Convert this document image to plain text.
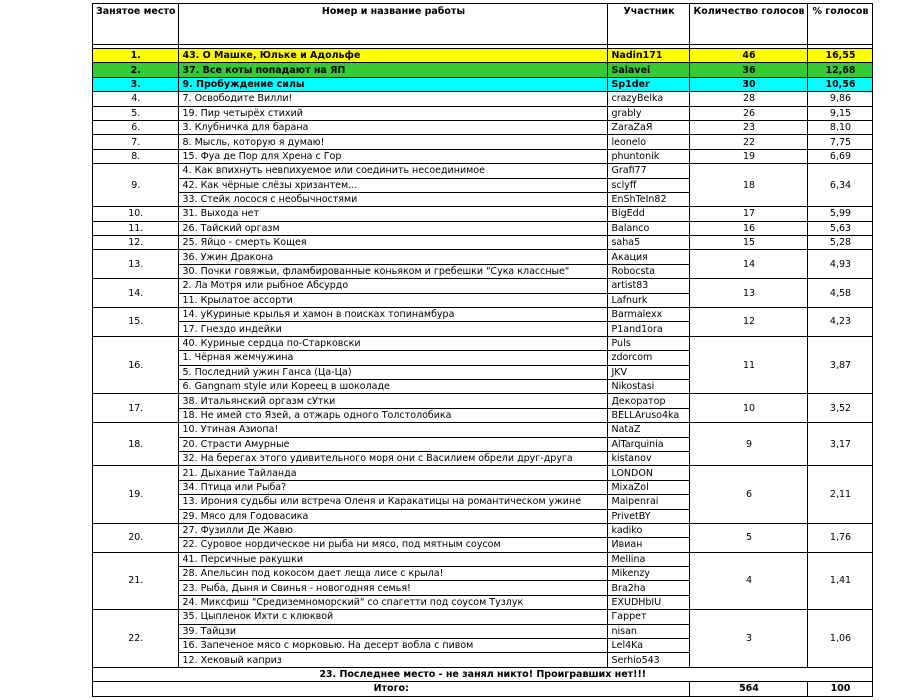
Занятое место	Номер и название работы	Участник	Количество голосов	% голосов

1.	43. О Машке, Юльке и Адольфе	Nadin171	46	16,55
2.	37. Все коты попадают на ЯП	Salavei	36	12,68
3.	9. Пробуждение силы	Sp1der	30	10,56
4.	7. Освободите Вилли!	crazyBelka	28	9,86
5.	19. Пир четырёх стихий	grably	26	9,15
6.	3. Клубничка для барана	ZaraZaЯ	23	8,10
7.	8. Мысль, которую я думаю!	leonelo	22	7,75
8.	15. Фуа де Пор для Хрена с Гор	phuntonik	19	6,69
9.	4. Как впихнуть невпихуемое или соединить несоединимое	Grafi77	18	6,34
	42. Как чёрные слёзы хризантем...	sclyff		
	33. Стейк лосося с необычностями	EnShTeIn82		
10.	31. Выхода нет	BigEdd	17	5,99
11.	26. Тайский оргазм	Balanco	16	5,63
12.	25. Яйцо - смерть Кощея	saha5	15	5,28
13.	36. Ужин Дракона	Акация	14	4,93
	30. Почки говяжьи, фламбированные коньяком и гребешки "Сука классные"	Robocsta		
14.	2. Ла Мотря или рыбное Абсурдо	artist83	13	4,58
	11. Крылатое ассорти	Lafnurk		
15.	14. уКуриные крылья и хамон в поисках топинамбура	Barmalexx	12	4,23
	17. Гнездо индейки	P1and1ora		
16.	40. Куриные сердца по-Старковски	Puls	11	3,87
	1. Чёрная жемчужина	zdorcom		
	5. Последний ужин Ганса (Ца-Ца)	JKV		
	6. Gangnam style или Кореец в шоколаде	Nikostasi		
17.	38. Итальянский оргазм сУтки	Декоратор	10	3,52
	18. Не имей сто Язей, а отжарь одного Толстолобика	BELLAruso4ka		
18.	10. Утиная Азиопа!	NataZ	9	3,17
	20. Страсти Амурные	AlTarquinia		
	32. На берегах этого удивительного моря они с Василием обрели друг-друга	kistanov		
19.	21. Дыхание Тайланда	LONDON	6	2,11
	34. Птица или Рыба?	MixaZol		
	13. Ирония судьбы или встреча Оленя и Каракатицы на романтическом ужине	Maipenrai		
	29. Мясо для Годовасика	PrivetBY		
20.	27. Фузилли Де Жавю	kadiko	5	1,76
	22. Суровое нордическое ни рыба ни мясо, под мятным соусом	Ивиан		
21.	41. Персичные ракушки	Mellina	4	1,41
	28. Апельсин под кокосом дает леща лисе с крыла!	Mikenzy		
	23. Рыба, Дыня и Свинья - новогодняя семья!	Bra2ha		
	24. Миксфиш "Средиземноморский" со спагетти под соусом Тузлук	EXUDHbIU		
22.	35. Цыпленок Ихти с клюквой	Гаррет	3	1,06
	39. Тайцзи	nisan		
	16. Запеченое мясо с морковью. На десерт вобла с пивом	Lel4Ka		
	12. Хековый каприз	Serhio543		
23. Последнее место - не занял никто! Проигравших нет!!!				
Итого:			564	100
